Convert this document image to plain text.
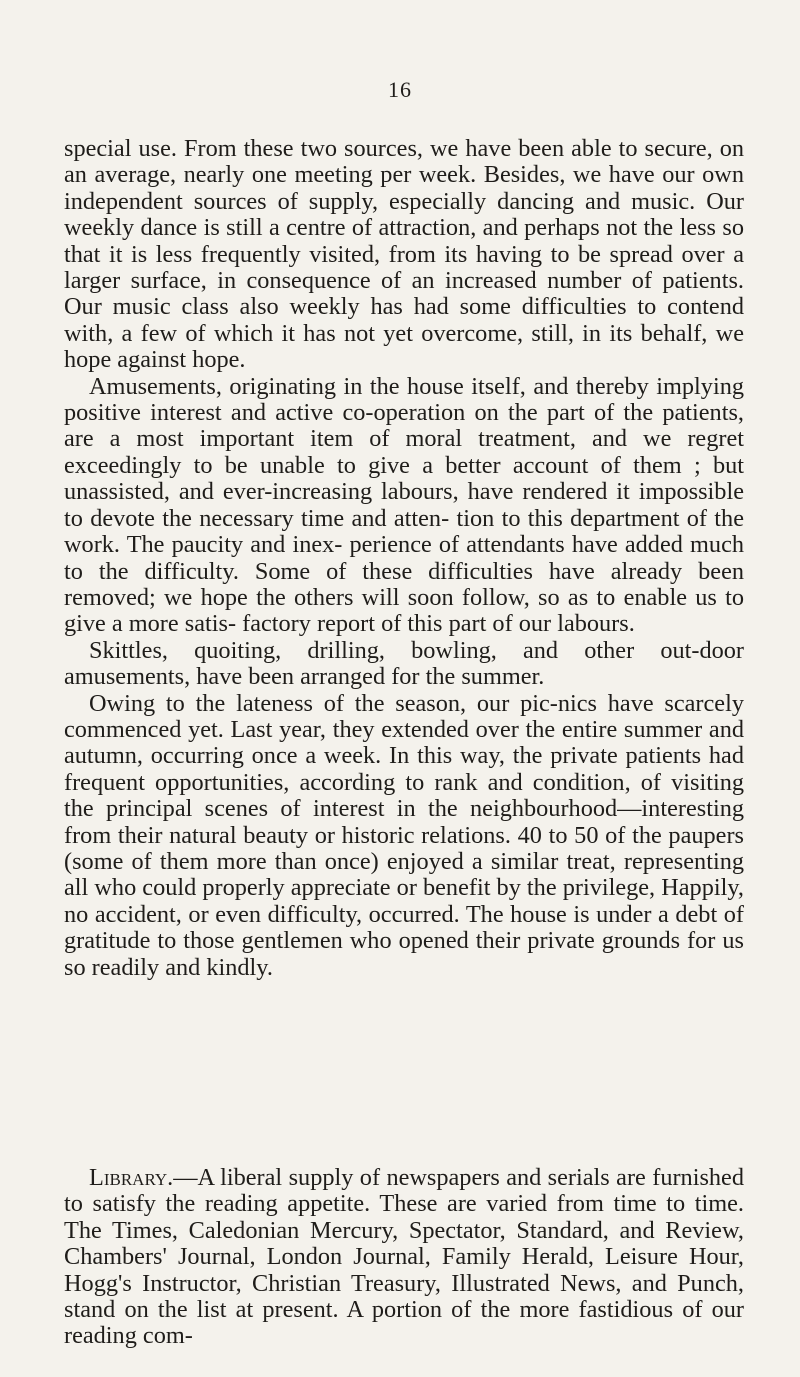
16

special use. From these two sources, we have been able to secure, on an average, nearly one meeting per week. Besides, we have our own independent sources of supply, especially dancing and music. Our weekly dance is still a centre of attraction, and perhaps not the less so that it is less frequently visited, from its having to be spread over a larger surface, in consequence of an increased number of patients. Our music class also weekly has had some difficulties to contend with, a few of which it has not yet overcome, still, in its behalf, we hope against hope.

Amusements, originating in the house itself, and thereby implying positive interest and active co-operation on the part of the patients, are a most important item of moral treatment, and we regret exceedingly to be unable to give a better account of them ; but unassisted, and ever-increasing labours, have rendered it impossible to devote the necessary time and atten- tion to this department of the work. The paucity and inex- perience of attendants have added much to the difficulty. Some of these difficulties have already been removed; we hope the others will soon follow, so as to enable us to give a more satis- factory report of this part of our labours.

Skittles, quoiting, drilling, bowling, and other out-door amusements, have been arranged for the summer.

Owing to the lateness of the season, our pic-nics have scarcely commenced yet. Last year, they extended over the entire summer and autumn, occurring once a week. In this way, the private patients had frequent opportunities, according to rank and condition, of visiting the principal scenes of interest in the neighbourhood—interesting from their natural beauty or historic relations. 40 to 50 of the paupers (some of them more than once) enjoyed a similar treat, representing all who could properly appreciate or benefit by the privilege, Happily, no accident, or even difficulty, occurred. The house is under a debt of gratitude to those gentlemen who opened their private grounds for us so readily and kindly.

Library.—A liberal supply of newspapers and serials are furnished to satisfy the reading appetite. These are varied from time to time. The Times, Caledonian Mercury, Spectator, Standard, and Review, Chambers' Journal, London Journal, Family Herald, Leisure Hour, Hogg's Instructor, Christian Treasury, Illustrated News, and Punch, stand on the list at present. A portion of the more fastidious of our reading com-
